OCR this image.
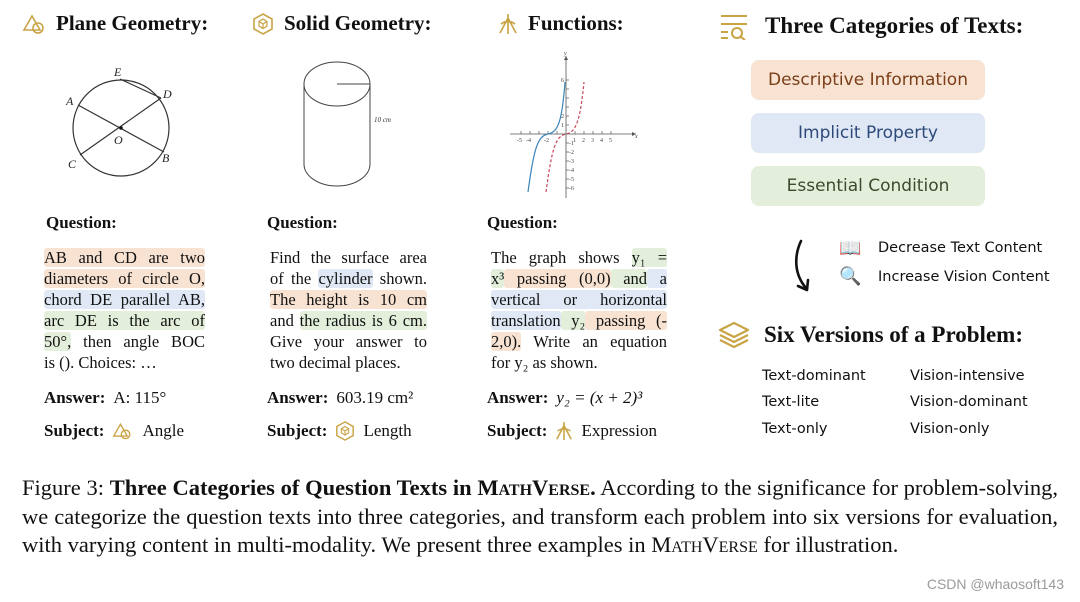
Plane Geometry:
E
D
A
O
C	B
Question:
AB and CD are two
diameters of circle O,
chord DE parallel AB,
arc DE is the arc of
50°, then angle BOC
is (). Choices: …
Answer: A: 115°
Subject: Angle
Solid Geometry:
10 cm
Question:
Find the surface area
of the cylinder shown.
The height is 10 cm
and the radius is 6 cm.
Give your answer to
two decimal places.
Answer: 603.19 cm²
Subject: Length
Functions:
-5 -4 -2	1 2 3 4 5
6
2
1
-1
-2
-3
-4
-5
-6
x
y
Question:
The graph shows y₁ =
x³ passing (0,0) and a
vertical or horizontal
translation y₂ passing (-
2,0). Write an equation
for y₂ as shown.
Answer: y₂ = (x + 2)³
Subject: Expression
Three Categories of Texts:
Descriptive Information
Implicit Property
Essential Condition
📖 Decrease Text Content
🔍 Increase Vision Content
Six Versions of a Problem:
Text-dominant
Text-lite
Text-only
Vision-intensive
Vision-dominant
Vision-only
Figure 3: Three Categories of Question Texts in MathVerse. According to the significance for problem-solving, we categorize the question texts into three categories, and transform each problem into six versions for evaluation, with varying content in multi-modality. We present three examples in MathVerse for illustration.
CSDN @whaosoft143
